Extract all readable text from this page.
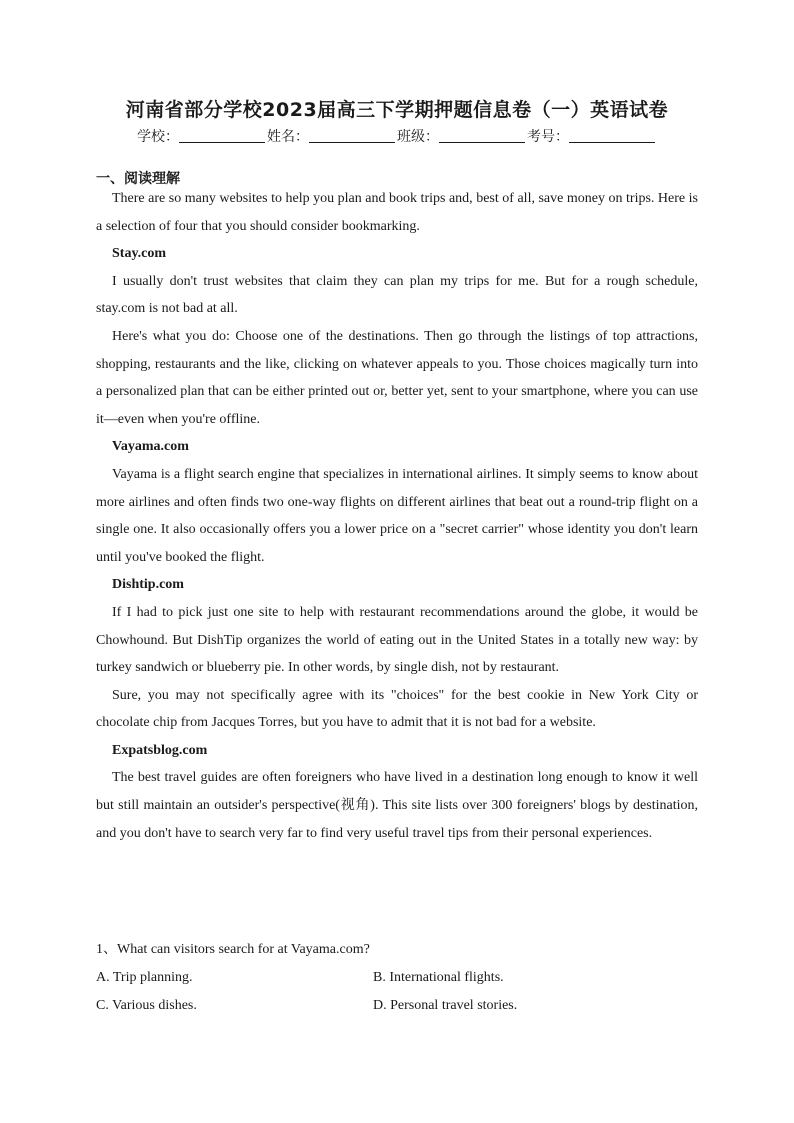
河南省部分学校2023届高三下学期押题信息卷（一）英语试卷
学校：	姓名：	班级：	考号：
一、阅读理解

There are so many websites to help you plan and book trips and, best of all, save money on trips. Here is a selection of four that you should consider bookmarking.

Stay.com

I usually don't trust websites that claim they can plan my trips for me. But for a rough schedule, stay.com is not bad at all.

Here's what you do: Choose one of the destinations. Then go through the listings of top attractions, shopping, restaurants and the like, clicking on whatever appeals to you. Those choices magically turn into a personalized plan that can be either printed out or, better yet, sent to your smartphone, where you can use it—even when you're offline.

Vayama.com

Vayama is a flight search engine that specializes in international airlines. It simply seems to know about more airlines and often finds two one-way flights on different airlines that beat out a round-trip flight on a single one. It also occasionally offers you a lower price on a "secret carrier" whose identity you don't learn until you've booked the flight.

Dishtip.com

If I had to pick just one site to help with restaurant recommendations around the globe, it would be Chowhound. But DishTip organizes the world of eating out in the United States in a totally new way: by turkey sandwich or blueberry pie. In other words, by single dish, not by restaurant.

Sure, you may not specifically agree with its "choices" for the best cookie in New York City or chocolate chip from Jacques Torres, but you have to admit that it is not bad for a website.

Expatsblog.com

The best travel guides are often foreigners who have lived in a destination long enough to know it well but still maintain an outsider's perspective(视角). This site lists over 300 foreigners' blogs by destination, and you don't have to search very far to find very useful travel tips from their personal experiences.

1、What can visitors search for at Vayama.com?
A. Trip planning.	B. International flights.
C. Various dishes.	D. Personal travel stories.
